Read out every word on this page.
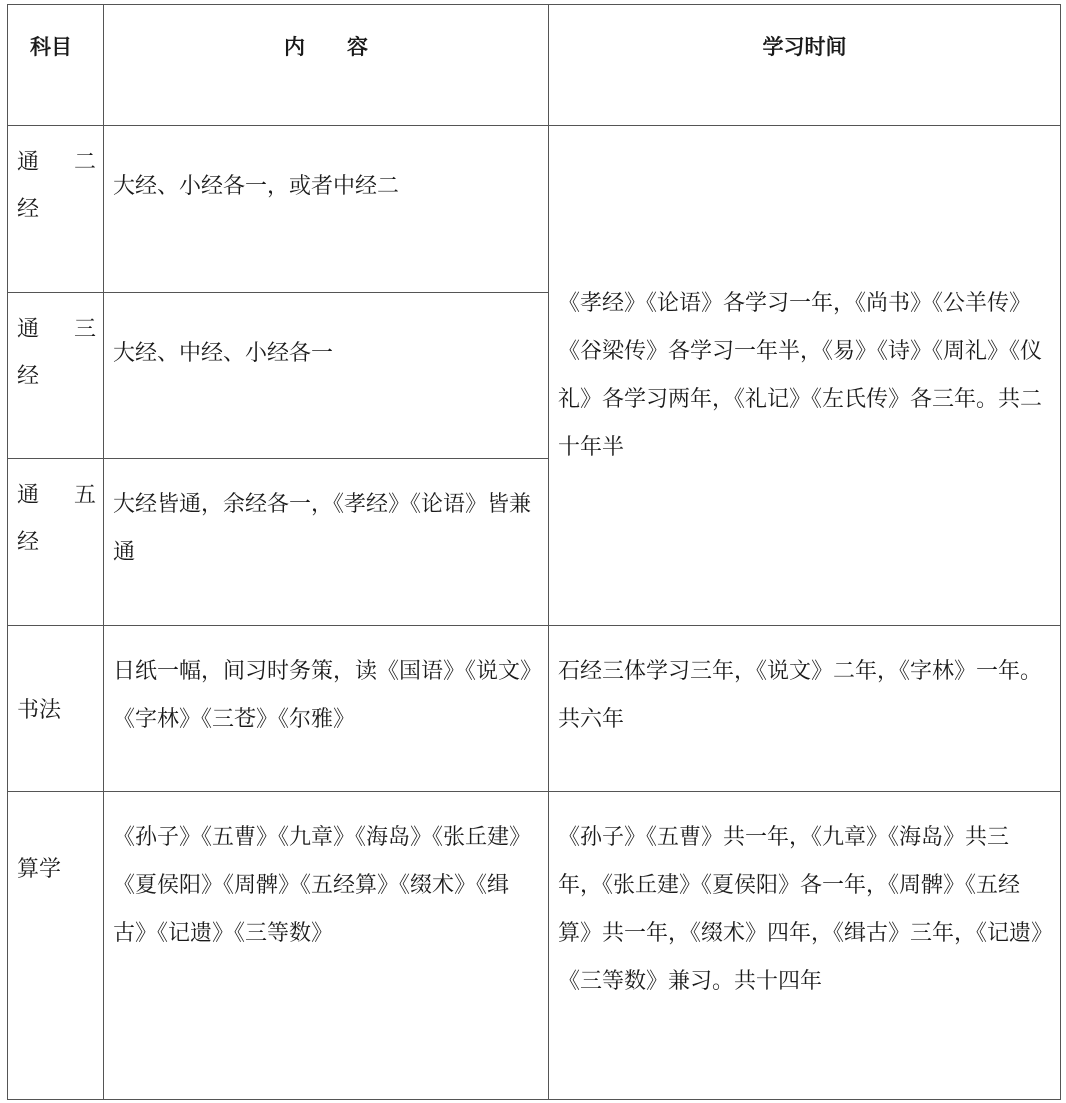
科目	内　　容	学习时间

通 二
经	大经、小经各一，或者中经二	《孝经》《论语》各学习一年，《尚书》《公羊传》《谷梁传》各学习一年半，《易》《诗》《周礼》《仪礼》各学习两年，《礼记》《左氏传》各三年。共二十年半

通 三
经	大经、中经、小经各一	

通 五
经	大经皆通，余经各一，《孝经》《论语》皆兼通	
书法	日纸一幅，间习时务策，读《国语》《说文》《字林》《三苍》《尔雅》	石经三体学习三年，《说文》二年，《字林》一年。共六年
算学	《孙子》《五曹》《九章》《海岛》《张丘建》《夏侯阳》《周髀》《五经算》《缀术》《缉古》《记遗》《三等数》	《孙子》《五曹》共一年，《九章》《海岛》共三年，《张丘建》《夏侯阳》各一年，《周髀》《五经算》共一年，《缀术》四年，《缉古》三年，《记遗》《三等数》兼习。共十四年
